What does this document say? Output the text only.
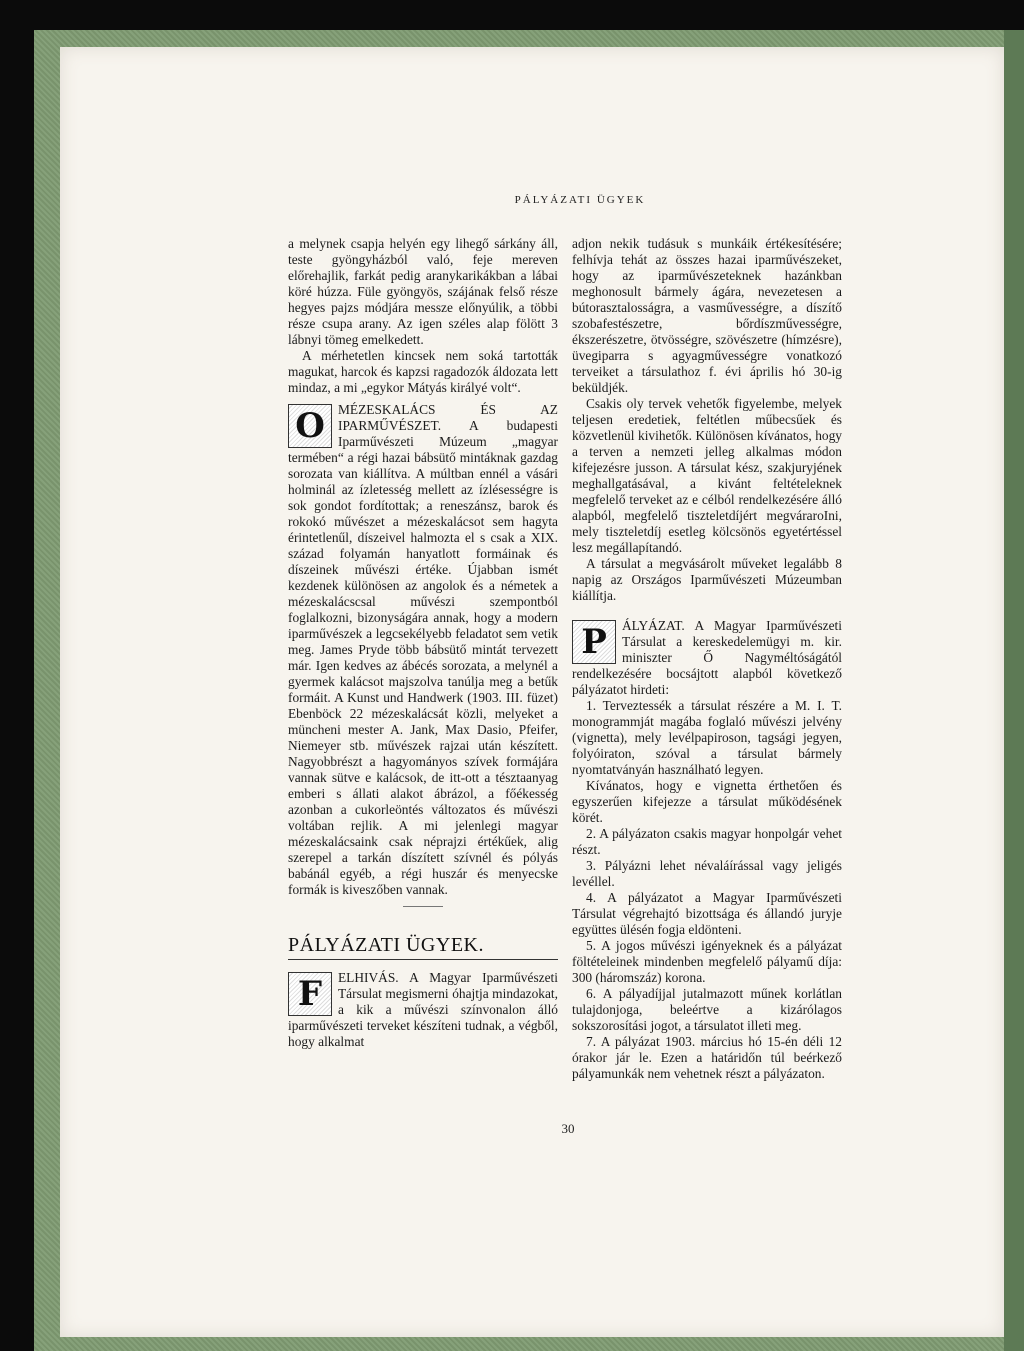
PÁLYÁZATI ÜGYEK

a melynek csapja helyén egy lihegő sárkány áll, teste gyöngyházból való, feje mereven előrehajlik, farkát pedig aranykarikákban a lábai köré húzza. Füle gyöngyös, szájának felső része hegyes pajzs módjára messze előnyúlik, a többi része csupa arany. Az igen széles alap fölött 3 lábnyi tömeg emelkedett.

A mérhetetlen kincsek nem soká tartották magukat, harcok és kapzsi ragadozók áldozata lett mindaz, a mi „egykor Mátyás királyé volt“.

O MÉZESKALÁCS ÉS AZ IPARMŰVÉSZET. A budapesti Iparművészeti Múzeum „magyar termében“ a régi hazai bábsütő mintáknak gazdag sorozata van kiállítva. A múltban ennél a vásári holminál az ízletesség mellett az ízlésességre is sok gondot fordítottak; a reneszánsz, barok és rokokó művészet a mézeskalácsot sem hagyta érintetlenűl, díszeivel halmozta el s csak a XIX. század folyamán hanyatlott formáinak és díszeinek művészi értéke. Újabban ismét kezdenek különösen az angolok és a németek a mézeskalácscsal művészi szempontból foglalkozni, bizonyságára annak, hogy a modern iparművészek a legcsekélyebb feladatot sem vetik meg. James Pryde több bábsütő mintát tervezett már. Igen kedves az ábécés sorozata, a melynél a gyermek kalácsot majszolva tanúlja meg a betűk formáit. A Kunst und Handwerk (1903. III. füzet) Ebenböck 22 mézeskalácsát közli, melyeket a müncheni mester A. Jank, Max Dasio, Pfeifer, Niemeyer stb. művészek rajzai után készített. Nagyobbrészt a hagyományos szívek formájára vannak sütve e kalácsok, de itt-ott a tésztaanyag emberi s állati alakot ábrázol, a főékesség azonban a cukorleöntés változatos és művészi voltában rejlik. A mi jelenlegi magyar mézeskalácsaink csak néprajzi értékűek, alig szerepel a tarkán díszített szívnél és pólyás babánál egyéb, a régi huszár és menyecske formák is kiveszőben vannak.

PÁLYÁZATI ÜGYEK.

F	ELHIVÁS. A Magyar Iparművészeti Társulat megismerni óhajtja mindazokat, a kik a művészi színvonalon álló iparművészeti terveket készíteni tudnak, a végből, hogy alkalmat

adjon nekik tudásuk s munkáik értékesítésére; felhívja tehát az összes hazai iparművészeket, hogy az iparművészeteknek hazánkban meghonosult bármely ágára, nevezetesen a bútorasztalosságra, a vasművességre, a díszítő szobafestészetre, bőrdíszművességre, ékszerészetre, ötvösségre, szövészetre (hímzésre), üvegiparra s agyagművességre vonatkozó terveiket a társulathoz f. évi április hó 30-ig beküldjék.

Csakis oly tervek vehetők figyelembe, melyek teljesen eredetiek, feltétlen műbecsűek és közvetlenül kivihetők. Különösen kívánatos, hogy a terven a nemzeti jelleg alkalmas módon kifejezésre jusson. A társulat kész, szakjuryjének meghallgatásával, a kivánt feltételeknek megfelelő terveket az e célból rendelkezésére álló alapból, megfelelő tiszteletdíjért megváraroIni, mely tiszteletdíj esetleg kölcsönös egyetértéssel lesz megállapítandó.

A társulat a megvásárolt műveket legalább 8 napig az Országos Iparművészeti Múzeumban kiállítja.

P	ÁLYÁZAT. A Magyar Iparművészeti Társulat a kereskedelemügyi m. kir. miniszter Ő Nagyméltóságától rendelkezésére bocsájtott alapból következő pályázatot hirdeti:

1. Terveztessék a társulat részére a M. I. T. monogrammját magába foglaló művészi jelvény (vignetta), mely levélpapiroson, tagsági jegyen, folyóiraton, szóval a társulat bármely nyomtatványán használható legyen.

Kívánatos, hogy e vignetta érthetően és egyszerűen kifejezze a társulat működésének körét.

2. A pályázaton csakis magyar honpolgár vehet részt.

3. Pályázni lehet névaláírással vagy jeligés levéllel.

4. A pályázatot a Magyar Iparművészeti Társulat végrehajtó bizottsága és állandó juryje együttes ülésén fogja eldönteni.

5. A jogos művészi igényeknek és a pályázat föltételeinek mindenben megfelelő pályamű díja: 300 (háromszáz) korona.

6. A pályadíjjal jutalmazott műnek korlátlan tulajdonjoga, beleértve a kizárólagos sokszorosítási jogot, a társulatot illeti meg.

7. A pályázat 1903. március hó 15-én déli 12 órakor jár le. Ezen a határidőn túl beérkező pályamunkák nem vehetnek részt a pályázaton.

30
